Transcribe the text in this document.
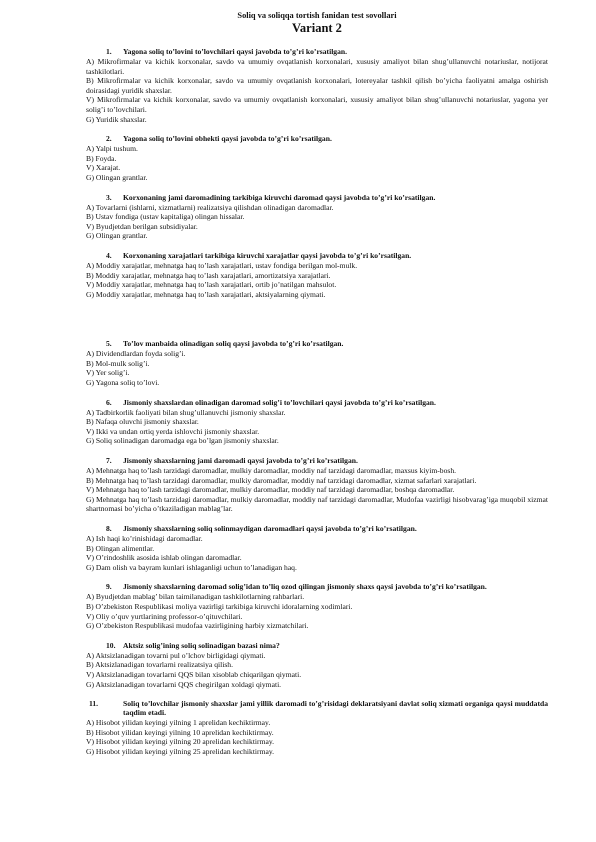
Soliq va soliqqa tortish fanidan test sovollari

Variant 2

1. Yagona soliq to’lovini to’lovchilari qaysi javobda to’g’ri ko’rsatilgan.

A) Mikrofirmalar va kichik korxonalar, savdo va umumiy ovqatlanish korxonalari, xususiy amaliyot bilan shug’ullanuvchi notariuslar, notijorat tashkilotlari.

B) Mikrofirmalar va kichik korxonalar, savdo va umumiy ovqatlanish korxonalari, lotereyalar tashkil qilish bo’yicha faoliyatni amalga oshirish doirasidagi yuridik shaxslar.

V) Mikrofirmalar va kichik korxonalar, savdo va umumiy ovqatlanish korxonalari, xususiy amaliyot bilan shug’ullanuvchi notariuslar, yagona yer solig’i to’lovchilari.

G) Yuridik shaxslar.

2. Yagona soliq to’lovini obhekti qaysi javobda to’g’ri ko’rsatilgan.

A) Yalpi tushum.

B) Foyda.

V) Xarajat.

G) Olingan grantlar.

3. Korxonaning jami daromadining tarkibiga kiruvchi daromad qaysi javobda to’g’ri ko’rsatilgan.

A) Tovarlarni (ishlarni, xizmatlarni) realizatsiya qilishdan olinadigan daromadlar.

B) Ustav fondiga (ustav kapitaliga) olingan hissalar.

V) Byudjetdan berilgan subsidiyalar.

G) Olingan grantlar.

4. Korxonaning xarajatlari tarkibiga kiruvchi xarajatlar qaysi javobda to’g’ri ko’rsatilgan.

A) Moddiy xarajatlar, mehnatga haq to’lash xarajatlari, ustav fondiga berilgan mol-mulk.

B) Moddiy xarajatlar, mehnatga haq to’lash xarajatlari, amortizatsiya xarajatlari.

V) Moddiy xarajatlar, mehnatga haq to’lash xarajatlari, ortib jo’natilgan mahsulot.

G) Moddiy xarajatlar, mehnatga haq to’lash xarajatlari, aktsiyalarning qiymati.

5. To’lov manbaida olinadigan soliq qaysi javobda to’g’ri ko’rsatilgan.

A) Dividendlardan foyda solig’i.

B) Mol-mulk solig’i.

V) Yer solig’i.

G) Yagona soliq to’lovi.

6. Jismoniy shaxslardan olinadigan daromad solig’i to’lovchilari qaysi javobda to’g’ri ko’rsatilgan.

A) Tadbirkorlik faoliyati bilan shug’ullanuvchi jismoniy shaxslar.

B) Nafaqa oluvchi jismoniy shaxslar.

V) Ikki va undan ortiq yerda ishlovchi jismoniy shaxslar.

G) Soliq solinadigan daromadga ega bo’lgan jismoniy shaxslar.

7. Jismoniy shaxslarning jami daromadi qaysi javobda to’g’ri ko’rsatilgan.

A) Mehnatga haq to’lash tarzidagi daromadlar, mulkiy daromadlar, moddiy naf tarzidagi daromadlar, maxsus kiyim-bosh.

B) Mehnatga haq to’lash tarzidagi daromadlar, mulkiy daromadlar, moddiy naf tarzidagi daromadlar, xizmat safarlari xarajatlari.

V) Mehnatga haq to’lash tarzidagi daromadlar, mulkiy daromadlar, moddiy naf tarzidagi daromadlar, boshqa daromadlar.

G) Mehnatga haq to’lash tarzidagi daromadlar, mulkiy daromadlar, moddiy naf tarzidagi daromadlar, Mudofaa vazirligi hisobvarag’iga muqobil xizmat shartnomasi bo’yicha o’tkaziladigan mablag’lar.

8. Jismoniy shaxslarning soliq solinmaydigan daromadlari qaysi javobda to’g’ri ko’rsatilgan.

A) Ish haqi ko’rinishidagi daromadlar.

B) Olingan alimentlar.

V) O’rindoshlik asosida ishlab olingan daromadlar.

G) Dam olish va bayram kunlari ishlaganligi uchun to’lanadigan haq.

9. Jismoniy shaxslarning daromad solig’idan to’liq ozod qilingan jismoniy shaxs qaysi javobda to’g’ri ko’rsatilgan.

A) Byudjetdan mablag’ bilan taimilanadigan tashkilotlarning rahbarlari.

B) O’zbekiston Respublikasi moliya vazirligi tarkibiga kiruvchi idoralarning xodimlari.

V) Oliy o’quv yurtlarining professor-o’qituvchilari.

G) O’zbekiston Respublikasi mudofaa vazirligining harbiy xizmatchilari.

10. Aktsiz solig’ining soliq solinadigan bazasi nima?

A) Aktsizlanadigan tovarni pul o’lchov birligidagi qiymati.

B) Aktsizlanadigan tovarlarni realizatsiya qilish.

V) Aktsizlanadigan tovarlarni QQS bilan xisoblab chiqarilgan qiymati.

G) Aktsizlanadigan tovarlarni QQS chegirilgan xoldagi qiymati.

11.	Soliq to’lovchilar jismoniy shaxslar jami yillik daromadi to’g’risidagi deklaratsiyani davlat soliq xizmati organiga qaysi muddatda taqdim etadi.

A) Hisobot yilidan keyingi yilning 1 aprelidan kechiktirmay.

B) Hisobot yilidan keyingi yilning 10 aprelidan kechiktirmay.

V) Hisobot yilidan keyingi yilning 20 aprelidan kechiktirmay.

G) Hisobot yilidan keyingi yilning 25 aprelidan kechiktirmay.
